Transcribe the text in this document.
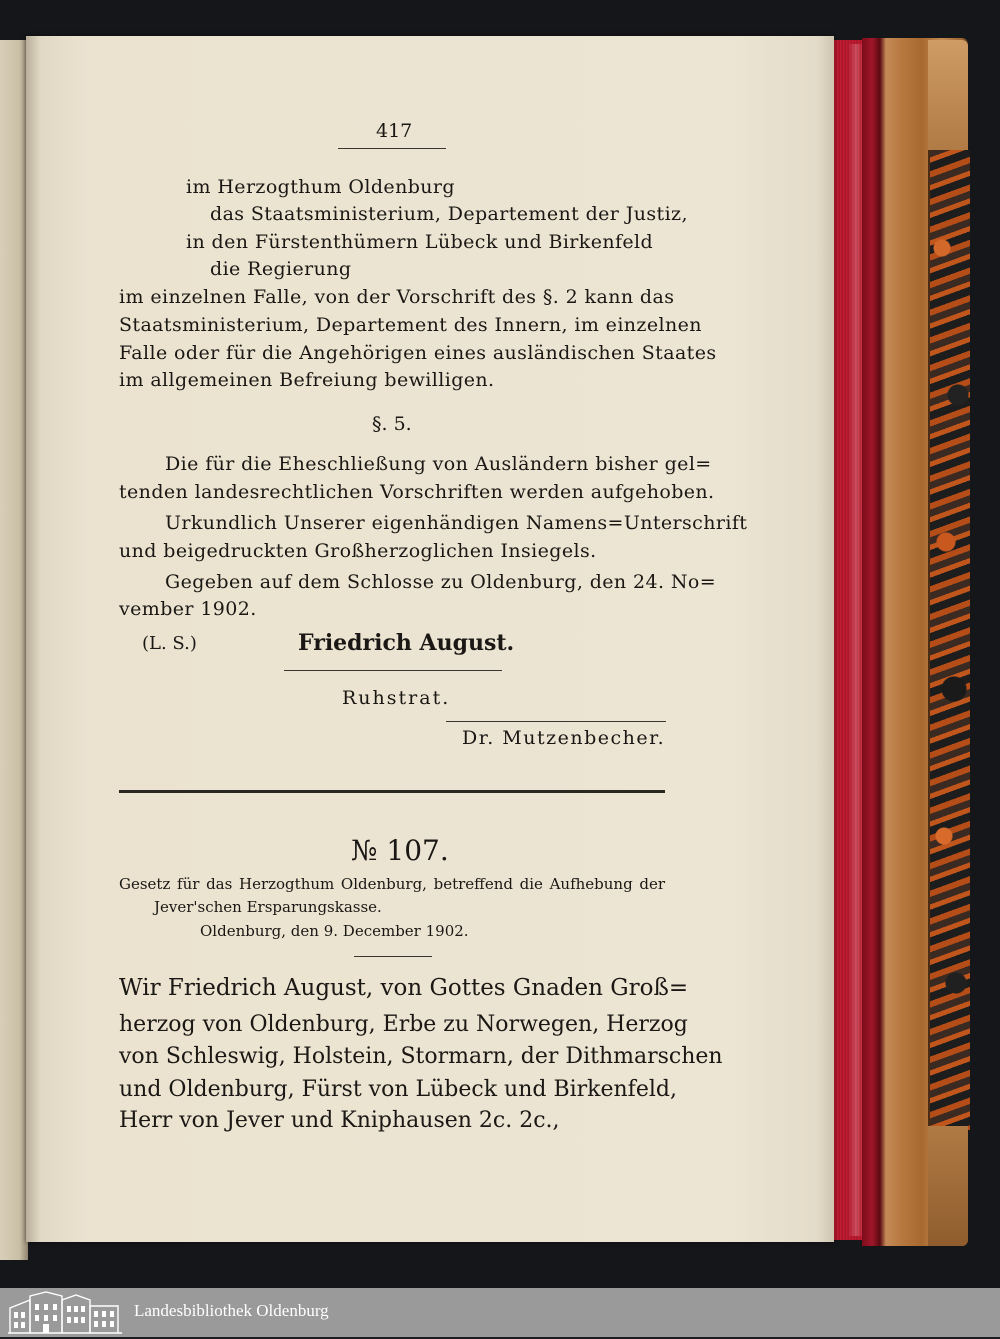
417
im Herzogthum Oldenburg
das Staatsministerium, Departement der Justiz,
in den Fürstenthümern Lübeck und Birkenfeld
die Regierung
im einzelnen Falle, von der Vorschrift des §. 2 kann das
Staatsministerium, Departement des Innern, im einzelnen
Falle oder für die Angehörigen eines ausländischen Staates
im allgemeinen Befreiung bewilligen.
§. 5.
Die für die Eheschließung von Ausländern bisher gel=
tenden landesrechtlichen Vorschriften werden aufgehoben.
Urkundlich Unserer eigenhändigen Namens=Unterschrift
und beigedruckten Großherzoglichen Insiegels.
Gegeben auf dem Schlosse zu Oldenburg, den 24. No=
vember 1902.
(L. S.)	Friedrich August.
Ruhstrat.
Dr. Mutzenbecher.
№ 107.
Gesetz für das Herzogthum Oldenburg, betreffend die Aufhebung der
Jever'schen Ersparungskasse.
Oldenburg, den 9. December 1902.
Wir Friedrich August, von Gottes Gnaden Groß=
herzog von Oldenburg, Erbe zu Norwegen, Herzog
von Schleswig, Holstein, Stormarn, der Dithmarschen
und Oldenburg, Fürst von Lübeck und Birkenfeld,
Herr von Jever und Kniphausen 2c. 2c.,
Landesbibliothek Oldenburg
